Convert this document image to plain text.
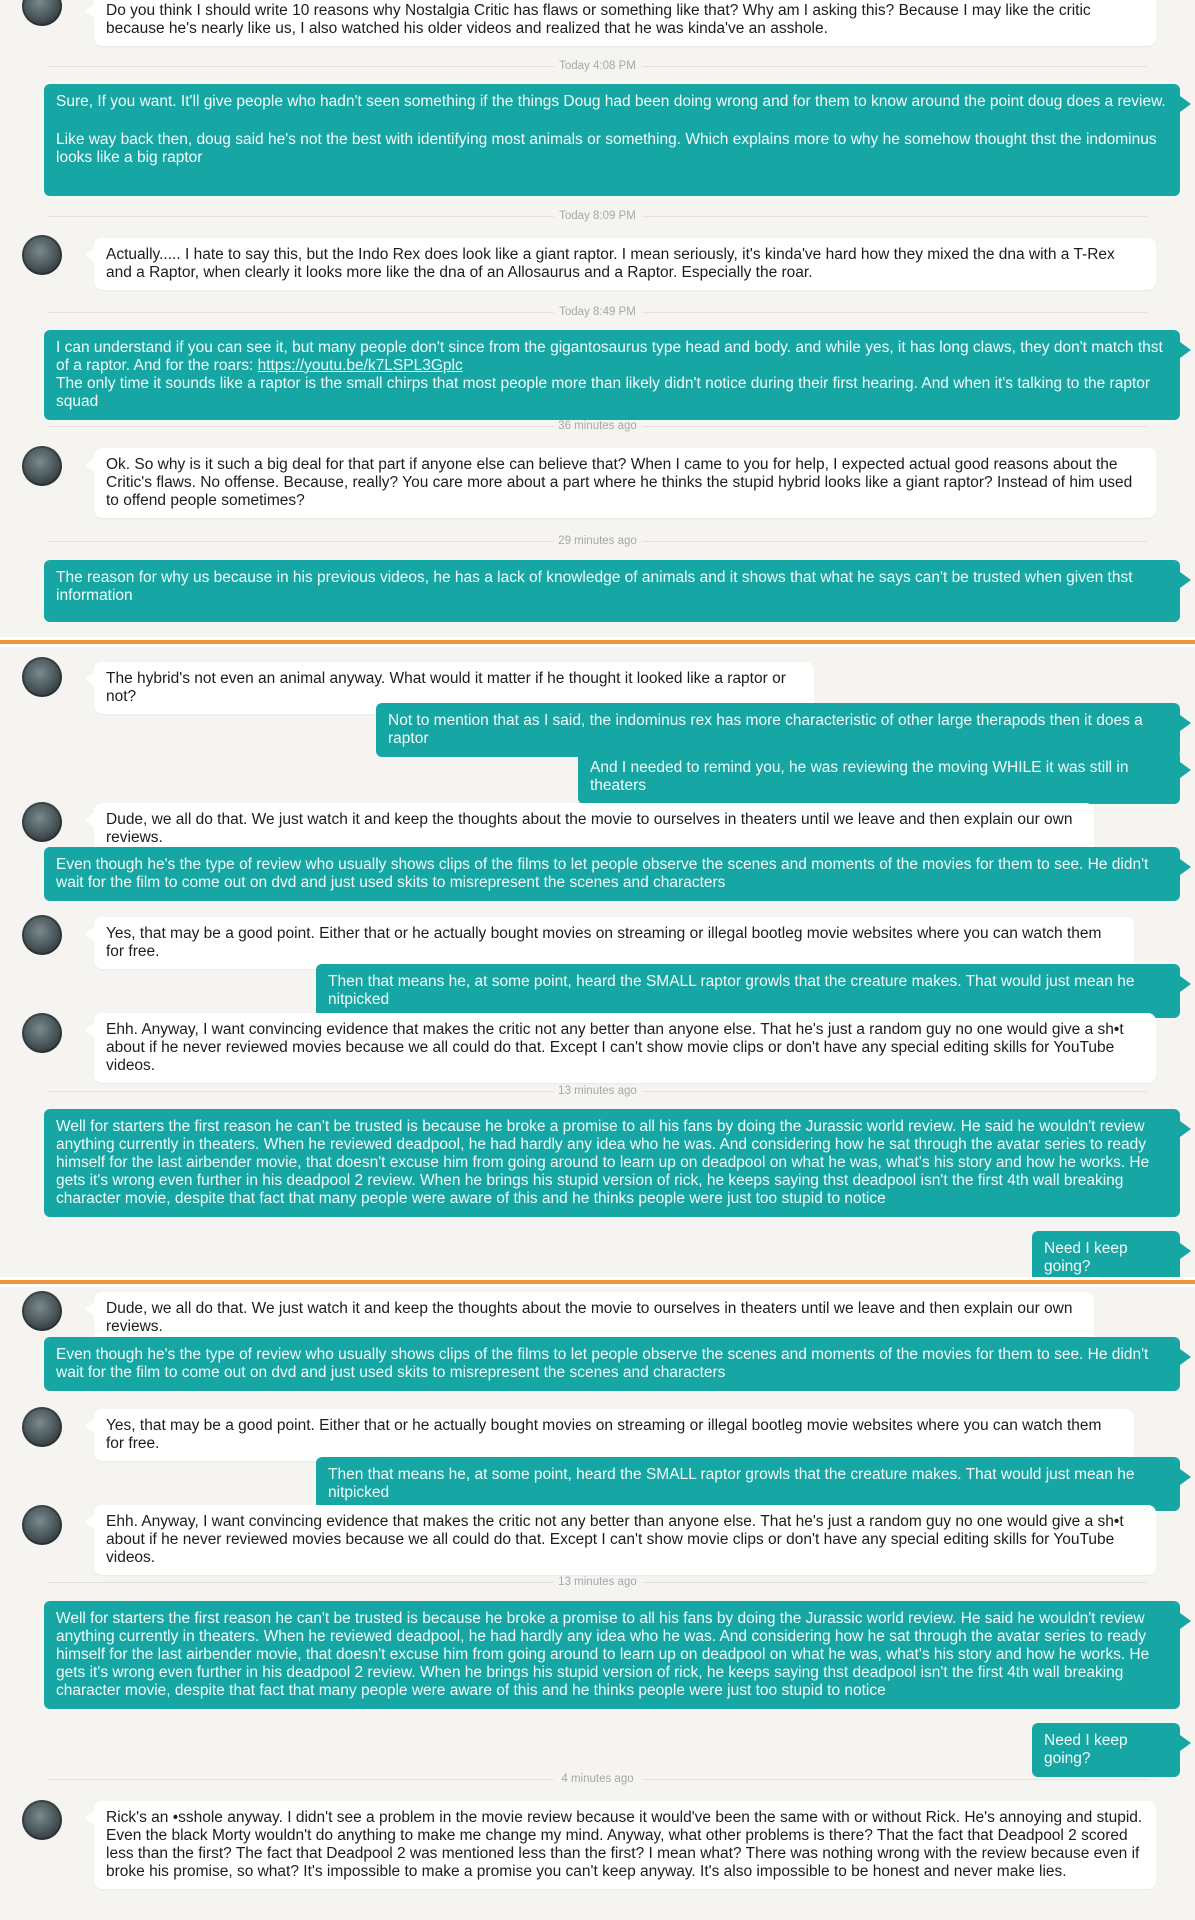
Do you think I should write 10 reasons why Nostalgia Critic has flaws or something like that? Why am I asking this? Because I may like the critic because he's nearly like us, I also watched his older videos and realized that he was kinda've an asshole.
Today 4:08 PM
Sure, If you want. It'll give people who hadn't seen something if the things Doug had been doing wrong and for them to know around the point doug does a review.
Like way back then, doug said he's not the best with identifying most animals or something. Which explains more to why he somehow thought thst the indominus looks like a big raptor
Today 8:09 PM
Actually..... I hate to say this, but the Indo Rex does look like a giant raptor. I mean seriously, it's kinda've hard how they mixed the dna with a T-Rex and a Raptor, when clearly it looks more like the dna of an Allosaurus and a Raptor. Especially the roar.
Today 8:49 PM
I can understand if you can see it, but many people don't since from the gigantosaurus type head and body. and while yes, it has long claws, they don't match thst of a raptor. And for the roars: https://youtu.be/k7LSPL3Gplc
The only time it sounds like a raptor is the small chirps that most people more than likely didn't notice during their first hearing. And when it's talking to the raptor squad
36 minutes ago
Ok. So why is it such a big deal for that part if anyone else can believe that? When I came to you for help, I expected actual good reasons about the Critic's flaws. No offense. Because, really? You care more about a part where he thinks the stupid hybrid looks like a giant raptor? Instead of him used to offend people sometimes?
29 minutes ago
The reason for why us because in his previous videos, he has a lack of knowledge of animals and it shows that what he says can't be trusted when given thst information
The hybrid's not even an animal anyway. What would it matter if he thought it looked like a raptor or not?
Not to mention that as I said, the indominus rex has more characteristic of other large therapods then it does a raptor
And I needed to remind you, he was reviewing the moving WHILE it was still in theaters
Dude, we all do that. We just watch it and keep the thoughts about the movie to ourselves in theaters until we leave and then explain our own reviews.
Even though he's the type of review who usually shows clips of the films to let people observe the scenes and moments of the movies for them to see. He didn't wait for the film to come out on dvd and just used skits to misrepresent the scenes and characters
Yes, that may be a good point. Either that or he actually bought movies on streaming or illegal bootleg movie websites where you can watch them for free.
Then that means he, at some point, heard the SMALL raptor growls that the creature makes. That would just mean he nitpicked
Ehh. Anyway, I want convincing evidence that makes the critic not any better than anyone else. That he's just a random guy no one would give a sh•t about if he never reviewed movies because we all could do that. Except I can't show movie clips or don't have any special editing skills for YouTube videos.
13 minutes ago
Well for starters the first reason he can't be trusted is because he broke a promise to all his fans by doing the Jurassic world review. He said he wouldn't review anything currently in theaters. When he reviewed deadpool, he had hardly any idea who he was. And considering how he sat through the avatar series to ready himself for the last airbender movie, that doesn't excuse him from going around to learn up on deadpool on what he was, what's his story and how he works. He gets it's wrong even further in his deadpool 2 review. When he brings his stupid version of rick, he keeps saying thst deadpool isn't the first 4th wall breaking character movie, despite that fact that many people were aware of this and he thinks people were just too stupid to notice
Need I keep going?
Dude, we all do that. We just watch it and keep the thoughts about the movie to ourselves in theaters until we leave and then explain our own reviews.
Even though he's the type of review who usually shows clips of the films to let people observe the scenes and moments of the movies for them to see. He didn't wait for the film to come out on dvd and just used skits to misrepresent the scenes and characters
Yes, that may be a good point. Either that or he actually bought movies on streaming or illegal bootleg movie websites where you can watch them for free.
Then that means he, at some point, heard the SMALL raptor growls that the creature makes. That would just mean he nitpicked
Ehh. Anyway, I want convincing evidence that makes the critic not any better than anyone else. That he's just a random guy no one would give a sh•t about if he never reviewed movies because we all could do that. Except I can't show movie clips or don't have any special editing skills for YouTube videos.
13 minutes ago
Well for starters the first reason he can't be trusted is because he broke a promise to all his fans by doing the Jurassic world review. He said he wouldn't review anything currently in theaters. When he reviewed deadpool, he had hardly any idea who he was. And considering how he sat through the avatar series to ready himself for the last airbender movie, that doesn't excuse him from going around to learn up on deadpool on what he was, what's his story and how he works. He gets it's wrong even further in his deadpool 2 review. When he brings his stupid version of rick, he keeps saying thst deadpool isn't the first 4th wall breaking character movie, despite that fact that many people were aware of this and he thinks people were just too stupid to notice
Need I keep going?
4 minutes ago
Rick's an •sshole anyway. I didn't see a problem in the movie review because it would've been the same with or without Rick. He's annoying and stupid. Even the black Morty wouldn't do anything to make me change my mind. Anyway, what other problems is there? That the fact that Deadpool 2 scored less than the first? The fact that Deadpool 2 was mentioned less than the first? I mean what? There was nothing wrong with the review because even if broke his promise, so what? It's impossible to make a promise you can't keep anyway. It's also impossible to be honest and never make lies.
